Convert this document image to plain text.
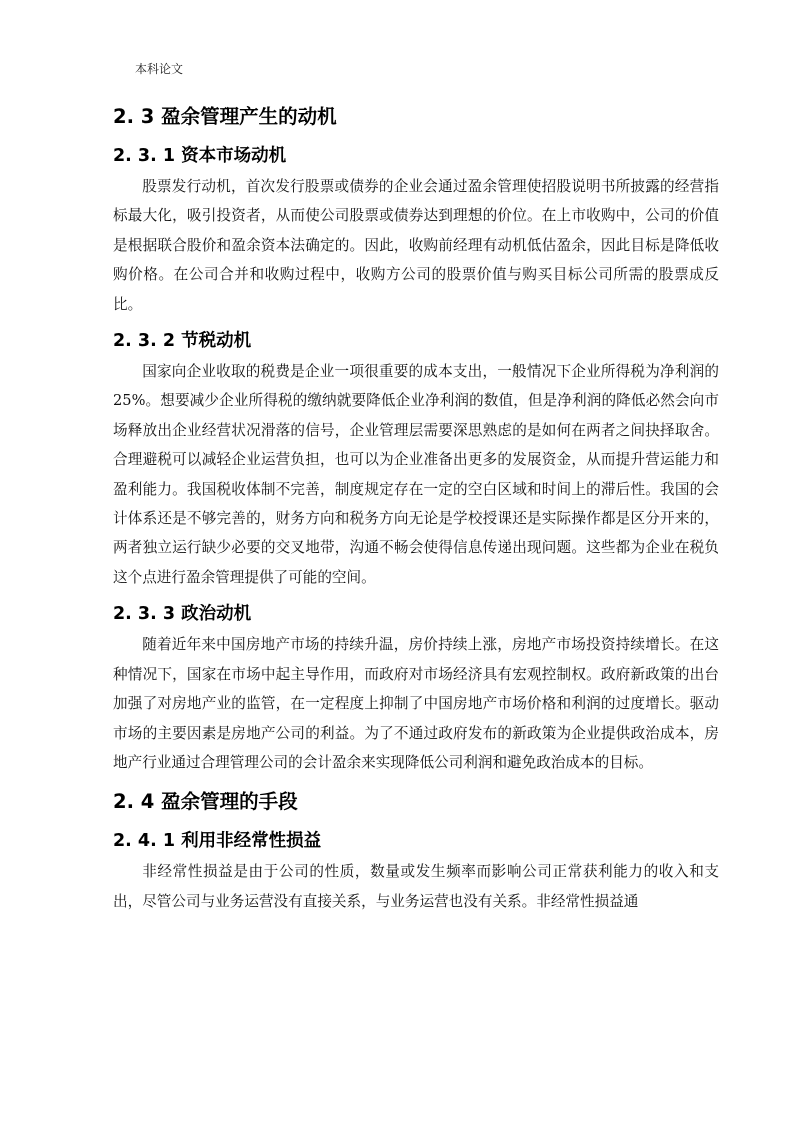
本科论文
2. 3 盈余管理产生的动机
2. 3. 1 资本市场动机

股票发行动机，首次发行股票或债券的企业会通过盈余管理使招股说明书所披露的经营指标最大化，吸引投资者，从而使公司股票或债券达到理想的价位。在上市收购中，公司的价值是根据联合股价和盈余资本法确定的。因此，收购前经理有动机低估盈余，因此目标是降低收购价格。在公司合并和收购过程中，收购方公司的股票价值与购买目标公司所需的股票成反比。

2. 3. 2 节税动机

国家向企业收取的税费是企业一项很重要的成本支出，一般情况下企业所得税为净利润的 25%。想要减少企业所得税的缴纳就要降低企业净利润的数值，但是净利润的降低必然会向市场释放出企业经营状况滑落的信号，企业管理层需要深思熟虑的是如何在两者之间抉择取舍。合理避税可以减轻企业运营负担，也可以为企业准备出更多的发展资金，从而提升营运能力和盈利能力。我国税收体制不完善，制度规定存在一定的空白区域和时间上的滞后性。我国的会计体系还是不够完善的，财务方向和税务方向无论是学校授课还是实际操作都是区分开来的，两者独立运行缺少必要的交叉地带，沟通不畅会使得信息传递出现问题。这些都为企业在税负这个点进行盈余管理提供了可能的空间。

2. 3. 3 政治动机

随着近年来中国房地产市场的持续升温，房价持续上涨，房地产市场投资持续增长。在这种情况下，国家在市场中起主导作用，而政府对市场经济具有宏观控制权。政府新政策的出台加强了对房地产业的监管，在一定程度上抑制了中国房地产市场价格和利润的过度增长。驱动市场的主要因素是房地产公司的利益。为了不通过政府发布的新政策为企业提供政治成本，房地产行业通过合理管理公司的会计盈余来实现降低公司利润和避免政治成本的目标。

2. 4 盈余管理的手段
2. 4. 1 利用非经常性损益

非经常性损益是由于公司的性质，数量或发生频率而影响公司正常获利能力的收入和支出，尽管公司与业务运营没有直接关系，与业务运营也没有关系。非经常性损益通
